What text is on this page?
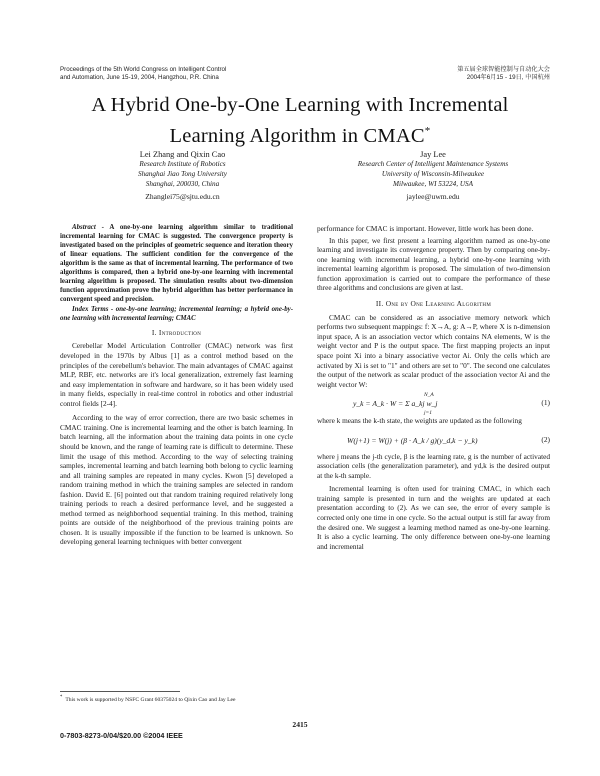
Proceedings of the 5th World Congress on Intelligent Control
and Automation, June 15-19, 2004, Hangzhou, P.R. China
第五届全球智能控制与自动化大会
2004年6月15 - 19日, 中国杭州
A Hybrid One-by-One Learning with Incremental
Learning Algorithm in CMAC*
Lei Zhang and Qixin Cao
Research Institute of Robotics
Shanghai Jiao Tong University
Shanghai, 200030, China
Zhanglei75@sjtu.edu.cn
Jay Lee
Research Center of Intelligent Maintenance Systems
University of Wisconsin-Milwaukee
Milwaukee, WI 53224, USA
jaylee@uwm.edu

Abstract - A one-by-one learning algorithm similar to traditional incremental learning for CMAC is suggested. The convergence property is investigated based on the principles of geometric sequence and iteration theory of linear equations. The sufficient condition for the convergence of the algorithm is the same as that of incremental learning. The performance of two algorithms is compared, then a hybrid one-by-one learning with incremental learning algorithm is proposed. The simulation results about two-dimension function approximation prove the hybrid algorithm has better performance in convergent speed and precision.

Index Terms - one-by-one learning; incremental learning; a hybrid one-by-one learning with incremental learning; CMAC

I. Introduction

Cerebellar Model Articulation Controller (CMAC) network was first developed in the 1970s by Albus [1] as a control method based on the principles of the cerebellum's behavior. The main advantages of CMAC against MLP, RBF, etc. networks are it's local generalization, extremely fast learning and easy implementation in software and hardware, so it has been widely used in many fields, especially in real-time control in robotics and other industrial control fields [2-4].

According to the way of error correction, there are two basic schemes in CMAC training. One is incremental learning and the other is batch learning. In batch learning, all the information about the training data points in one cycle should be known, and the range of learning rate is difficult to determine. These limit the usage of this method. According to the way of selecting training samples, incremental learning and batch learning both belong to cyclic learning and all training samples are repeated in many cycles. Kwon [5] developed a random training method in which the training samples are selected in random fashion. David E. [6] pointed out that random training required relatively long training periods to reach a desired performance level, and he suggested a method termed as neighborhood sequential training. In this method, training points are outside of the neighborhood of the previous training points are chosen. It is usually impossible if the function to be learned is unknown. So developing general learning techniques with better convergent

performance for CMAC is important. However, little work has been done.

In this paper, we first present a learning algorithm named as one-by-one learning and investigate its convergence property. Then by comparing one-by-one learning with incremental learning, a hybrid one-by-one learning with incremental learning algorithm is proposed. The simulation of two-dimension function approximation is carried out to compare the performance of these three algorithms and conclusions are given at last.

II. One by One Learning Algorithm

CMAC can be considered as an associative memory network which performs two subsequent mappings: f: X→A, g: A→P, where X is n-dimension input space, A is an association vector which contains NA elements, W is the weight vector and P is the output space. The first mapping projects an input space point Xi into a binary associative vector Ai. Only the cells which are activated by Xi is set to "1" and others are set to "0". The second one calculates the output of the network as scalar product of the association vector Ai and the weight vector W:

y_k = A_k · W = Σ a_kj w_j
N_A
j=1
(1)

where k means the k-th state, the weights are updated as the following

W(j+1) = W(j) + (β · A_k / g)(y_d,k − y_k)	(2)

where j means the j-th cycle, β is the learning rate, g is the number of activated association cells (the generalization parameter), and yd,k is the desired output at the k-th sample.

Incremental learning is often used for training CMAC, in which each training sample is presented in turn and the weights are updated at each presentation according to (2). As we can see, the error of every sample is corrected only one time in one cycle. So the actual output is still far away from the desired one. We suggest a learning method named as one-by-one learning. It is also a cyclic learning. The only difference between one-by-one learning and incremental

* This work is supported by NSFC Grant 60375024 to Qixin Cao and Jay Lee
2415
0-7803-8273-0/04/$20.00 ©2004 IEEE
